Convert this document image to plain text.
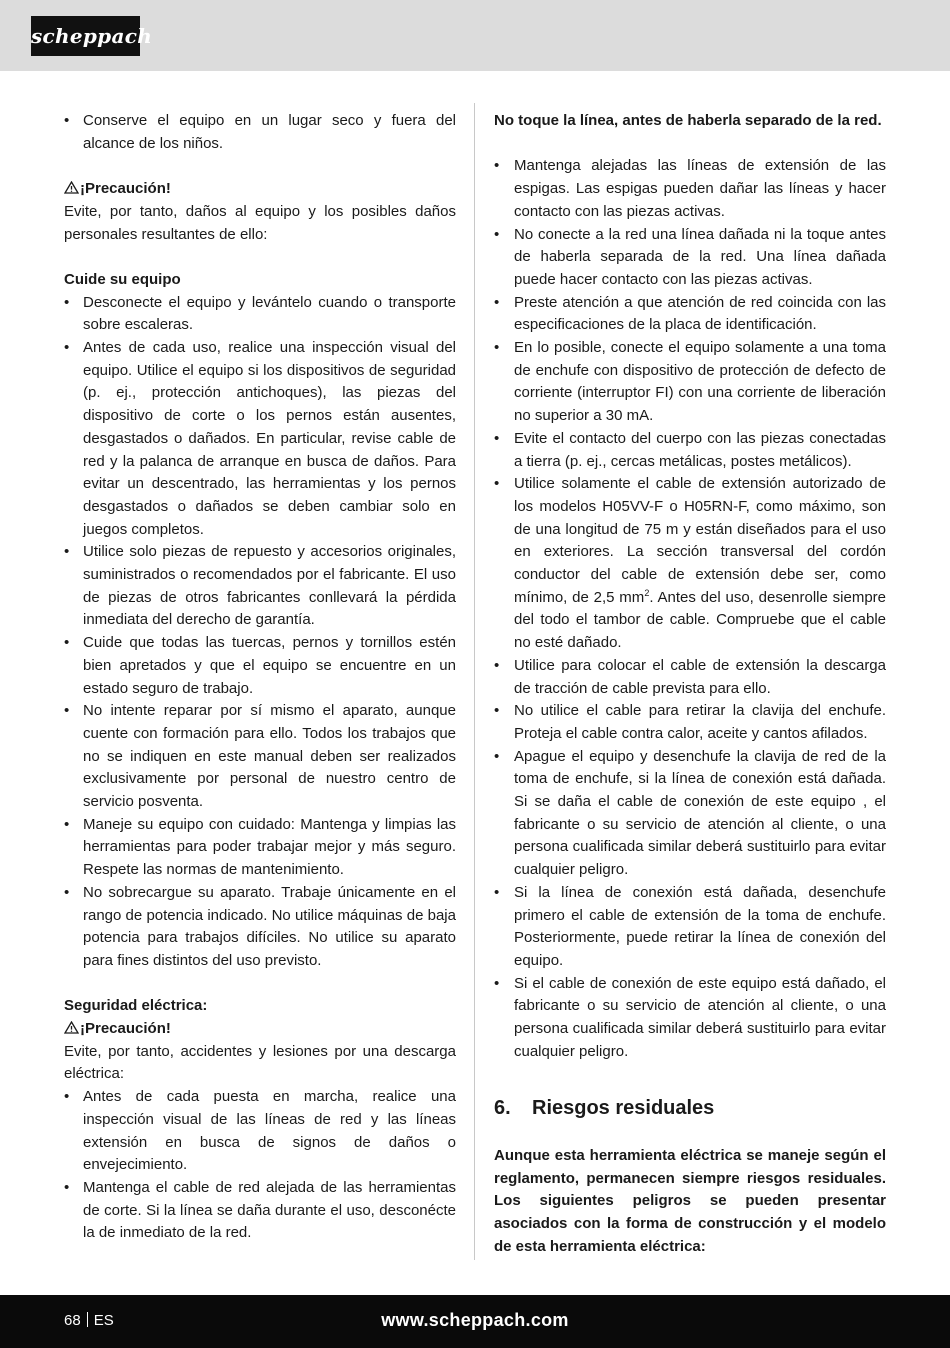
scheppach
• Conserve el equipo en un lugar seco y fuera del alcance de los niños.

¡Precaución!

Evite, por tanto, daños al equipo y los posibles daños personales resultantes de ello:

Cuide su equipo

• Desconecte el equipo y levántelo cuando o transporte sobre escaleras.
• Antes de cada uso, realice una inspección visual del equipo. Utilice el equipo si los dispositivos de seguridad (p. ej., protección antichoques), las piezas del dispositivo de corte o los pernos están ausentes, desgastados o dañados. En particular, revise cable de red y la palanca de arranque en busca de daños. Para evitar un descentrado, las herramientas y los pernos desgastados o dañados se deben cambiar solo en juegos completos.
• Utilice solo piezas de repuesto y accesorios originales, suministrados o recomendados por el fabricante. El uso de piezas de otros fabricantes conllevará la pérdida inmediata del derecho de garantía.
• Cuide que todas las tuercas, pernos y tornillos estén bien apretados y que el equipo se encuentre en un estado seguro de trabajo.
• No intente reparar por sí mismo el aparato, aunque cuente con formación para ello. Todos los trabajos que no se indiquen en este manual deben ser realizados exclusivamente por personal de nuestro centro de servicio posventa.
• Maneje su equipo con cuidado: Mantenga y limpias las herramientas para poder trabajar mejor y más seguro. Respete las normas de mantenimiento.
• No sobrecargue su aparato. Trabaje únicamente en el rango de potencia indicado. No utilice máquinas de baja potencia para trabajos difíciles. No utilice su aparato para fines distintos del uso previsto.

Seguridad eléctrica:

¡Precaución!

Evite, por tanto, accidentes y lesiones por una descarga eléctrica:

• Antes de cada puesta en marcha, realice una inspección visual de las líneas de red y las líneas extensión en busca de signos de daños o envejecimiento.
• Mantenga el cable de red alejada de las herramientas de corte. Si la línea se daña durante el uso, desconécte la de inmediato de la red.

No toque la línea, antes de haberla separado de la red.

• Mantenga alejadas las líneas de extensión de las espigas. Las espigas pueden dañar las líneas y hacer contacto con las piezas activas.
• No conecte a la red una línea dañada ni la toque antes de haberla separada de la red. Una línea dañada puede hacer contacto con las piezas activas.
• Preste atención a que atención de red coincida con las especificaciones de la placa de identificación.
• En lo posible, conecte el equipo solamente a una toma de enchufe con dispositivo de protección de defecto de corriente (interruptor FI) con una corriente de liberación no superior a 30 mA.
• Evite el contacto del cuerpo con las piezas conectadas a tierra (p. ej., cercas metálicas, postes metálicos).
• Utilice solamente el cable de extensión autorizado de los modelos H05VV-F o H05RN-F, como máximo, son de una longitud de 75 m y están diseñados para el uso en exteriores. La sección transversal del cordón conductor del cable de extensión debe ser, como mínimo, de 2,5 $mm^2$. Antes del uso, desenrolle siempre del todo el tambor de cable. Compruebe que el cable no esté dañado.
• Utilice para colocar el cable de extensión la descarga de tracción de cable prevista para ello.
• No utilice el cable para retirar la clavija del enchufe. Proteja el cable contra calor, aceite y cantos afilados.
• Apague el equipo y desenchufe la clavija de red de la toma de enchufe, si la línea de conexión está dañada. Si se daña el cable de conexión de este equipo , el fabricante o su servicio de atención al cliente, o una persona cualificada similar deberá sustituirlo para evitar cualquier peligro.
• Si la línea de conexión está dañada, desenchufe primero el cable de extensión de la toma de enchufe. Posteriormente, puede retirar la línea de conexión del equipo.
• Si el cable de conexión de este equipo está dañado, el fabricante o su servicio de atención al cliente, o una persona cualificada similar deberá sustituirlo para evitar cualquier peligro.
6. Riesgos residuales

Aunque esta herramienta eléctrica se maneje según el reglamento, permanecen siempre riesgos residuales. Los siguientes peligros se pueden presentar asociados con la forma de construcción y el modelo de esta herramienta eléctrica:

68 ES	www.scheppach.com
